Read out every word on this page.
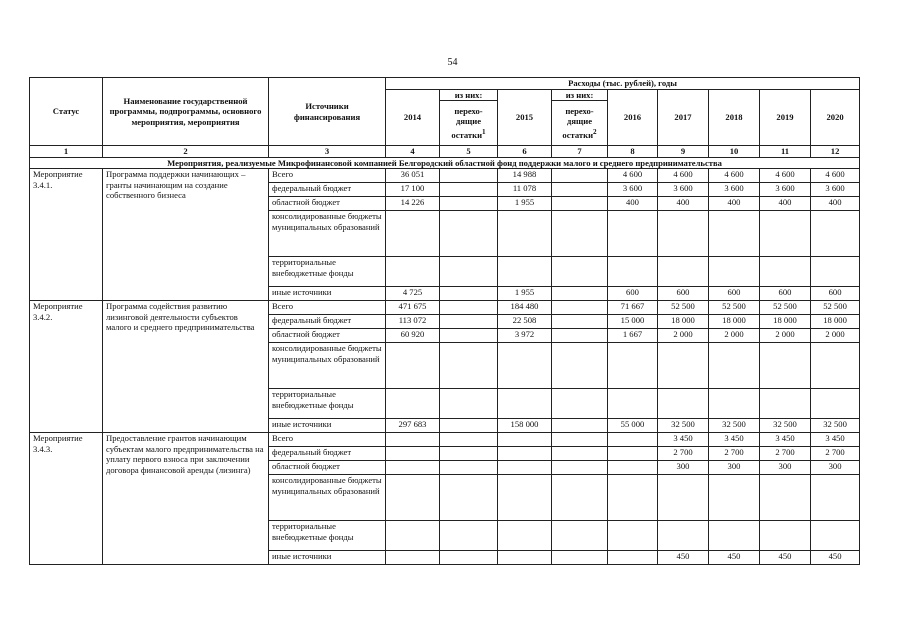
54
Статус	Наименование государственной программы, подпрограммы, основного мероприятия, мероприятия	Источники финансирования	Расходы (тыс. рублей), годы								
			2014	из них:	2015	из них:	2016	2017	2018	2019	2020
				перехо-дящие остатки$^1$		перехо-дящие остатки$^2$
1	2	3	4	5	6	7	8	9	10	11	12
Мероприятия, реализуемые Микрофинансовой компанией Белгородский областной фонд поддержки малого и среднего предпринимательства											
Мероприятие 3.4.1.	Программа поддержки начинающих – гранты начинающим на создание собственного бизнеса	Всего	36 051		14 988		4 600	4 600	4 600	4 600	4 600
		федеральный бюджет	17 100		11 078		3 600	3 600	3 600	3 600	3 600
		областной бюджет	14 226		1 955		400	400	400	400	400
		консолидированные бюджеты муниципальных образований									
		территориальные внебюджетные фонды									
		иные источники	4 725		1 955		600	600	600	600	600
Мероприятие 3.4.2.	Программа содействия развитию лизинговой деятельности субъектов малого и среднего предпринимательства	Всего	471 675		184 480		71 667	52 500	52 500	52 500	52 500
		федеральный бюджет	113 072		22 508		15 000	18 000	18 000	18 000	18 000
		областной бюджет	60 920		3 972		1 667	2 000	2 000	2 000	2 000
		консолидированные бюджеты муниципальных образований									
		территориальные внебюджетные фонды									
		иные источники	297 683		158 000		55 000	32 500	32 500	32 500	32 500
Мероприятие 3.4.3.	Предоставление грантов начинающим субъектам малого предпринимательства на уплату первого взноса при заключении договора финансовой аренды (лизинга)	Всего						3 450	3 450	3 450	3 450
		федеральный бюджет						2 700	2 700	2 700	2 700
		областной бюджет						300	300	300	300
		консолидированные бюджеты муниципальных образований									
		территориальные внебюджетные фонды									
		иные источники						450	450	450	450
